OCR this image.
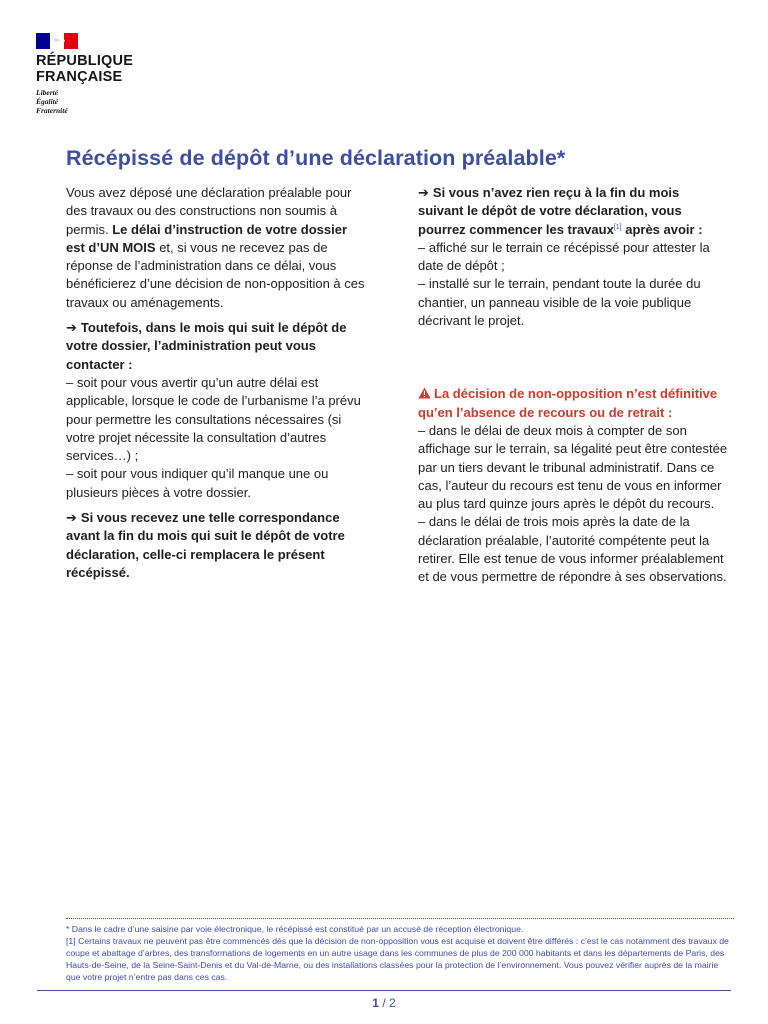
RÉPUBLIQUE
FRANÇAISE
Liberté
Égalité
Fraternité
Récépissé de dépôt d’une déclaration préalable*

Vous avez déposé une déclaration préalable pour des travaux ou des constructions non soumis à permis. Le délai d’instruction de votre dossier est d’UN MOIS et, si vous ne recevez pas de réponse de l’administration dans ce délai, vous bénéficierez d’une décision de non-opposition à ces travaux ou aménagements.

➔ Toutefois, dans le mois qui suit le dépôt de votre dossier, l’administration peut vous contacter :
– soit pour vous avertir qu’un autre délai est applicable, lorsque le code de l’urbanisme l’a prévu pour permettre les consultations nécessaires (si votre projet nécessite la consultation d’autres services…) ;
– soit pour vous indiquer qu’il manque une ou plusieurs pièces à votre dossier.

➔ Si vous recevez une telle correspondance avant la fin du mois qui suit le dépôt de votre déclaration, celle-ci remplacera le présent récépissé.

➔ Si vous n’avez rien reçu à la fin du mois suivant le dépôt de votre déclaration, vous pourrez commencer les travaux[1] après avoir :
– affiché sur le terrain ce récépissé pour attester la date de dépôt ;
– installé sur le terrain, pendant toute la durée du chantier, un panneau visible de la voie publique décrivant le projet.

La décision de non-opposition n’est définitive qu’en l’absence de recours ou de retrait :
– dans le délai de deux mois à compter de son affichage sur le terrain, sa légalité peut être contestée par un tiers devant le tribunal administratif. Dans ce cas, l’auteur du recours est tenu de vous en informer au plus tard quinze jours après le dépôt du recours.
– dans le délai de trois mois après la date de la déclaration préalable, l’autorité compétente peut la retirer. Elle est tenue de vous informer préalablement et de vous permettre de répondre à ses observations.

* Dans le cadre d’une saisine par voie électronique, le récépissé est constitué par un accusé de réception électronique.

[1] Certains travaux ne peuvent pas être commencés dès que la décision de non-opposition vous est acquise et doivent être différés : c’est le cas notamment des travaux de coupe et abattage d’arbres, des transformations de logements en un autre usage dans les communes de plus de 200 000 habitants et dans les départements de Paris, des Hauts-de-Seine, de la Seine-Saint-Denis et du Val-de-Marne, ou des installations classées pour la protection de l’environnement. Vous pouvez vérifier auprès de la mairie que votre projet n’entre pas dans ces cas.

1 / 2
